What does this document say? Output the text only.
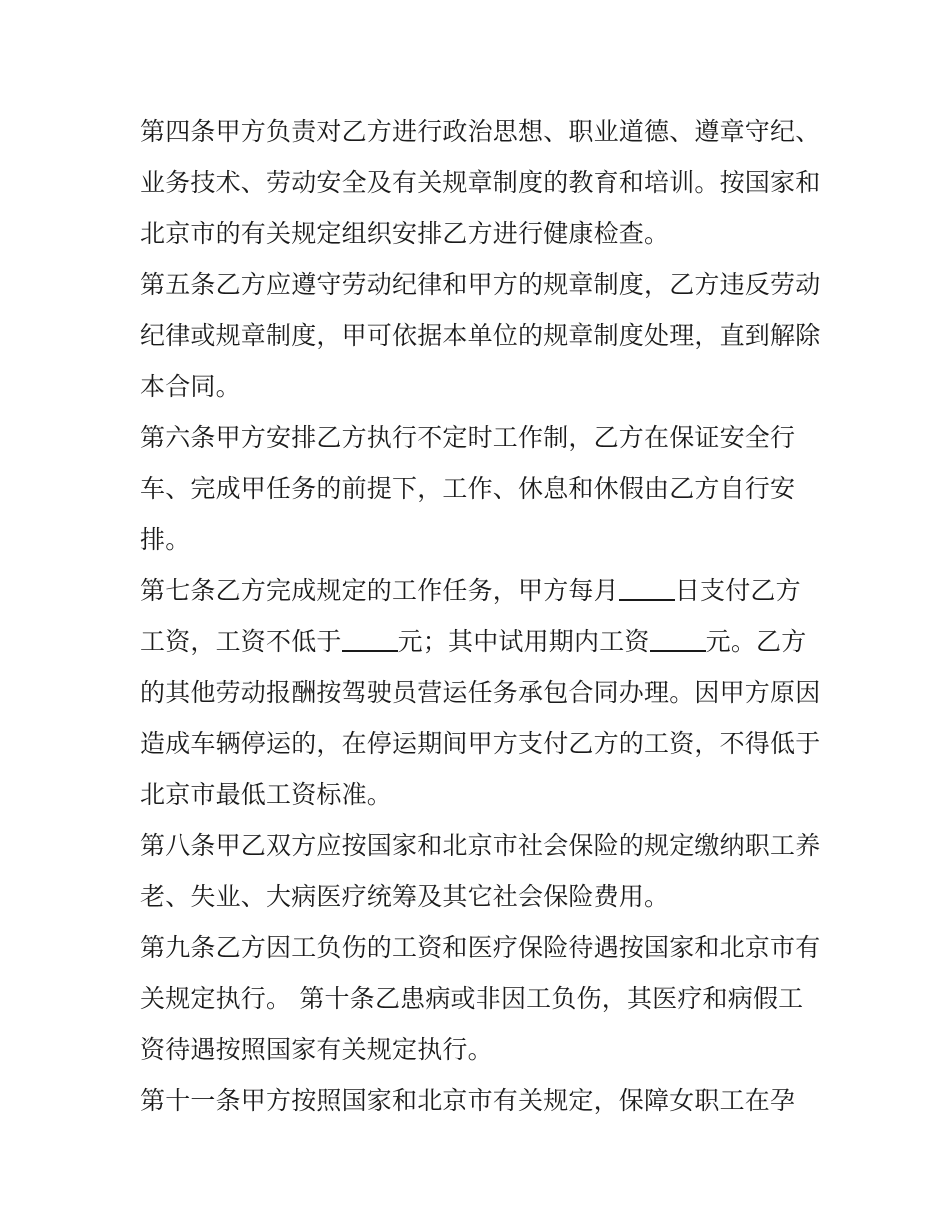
第四条甲方负责对乙方进行政治思想、职业道德、遵章守纪、
业务技术、劳动安全及有关规章制度的教育和培训。按国家和
北京市的有关规定组织安排乙方进行健康检查。
第五条乙方应遵守劳动纪律和甲方的规章制度，乙方违反劳动
纪律或规章制度，甲可依据本单位的规章制度处理，直到解除
本合同。
第六条甲方安排乙方执行不定时工作制，乙方在保证安全行
车、完成甲任务的前提下，工作、休息和休假由乙方自行安
排。
第七条乙方完成规定的工作任务，甲方每月 日支付乙方
工资，工资不低于 元；其中试用期内工资 元。乙方
的其他劳动报酬按驾驶员营运任务承包合同办理。因甲方原因
造成车辆停运的，在停运期间甲方支付乙方的工资，不得低于
北京市最低工资标准。
第八条甲乙双方应按国家和北京市社会保险的规定缴纳职工养
老、失业、大病医疗统筹及其它社会保险费用。
第九条乙方因工负伤的工资和医疗保险待遇按国家和北京市有
关规定执行。 第十条乙患病或非因工负伤，其医疗和病假工
资待遇按照国家有关规定执行。
第十一条甲方按照国家和北京市有关规定，保障女职工在孕
